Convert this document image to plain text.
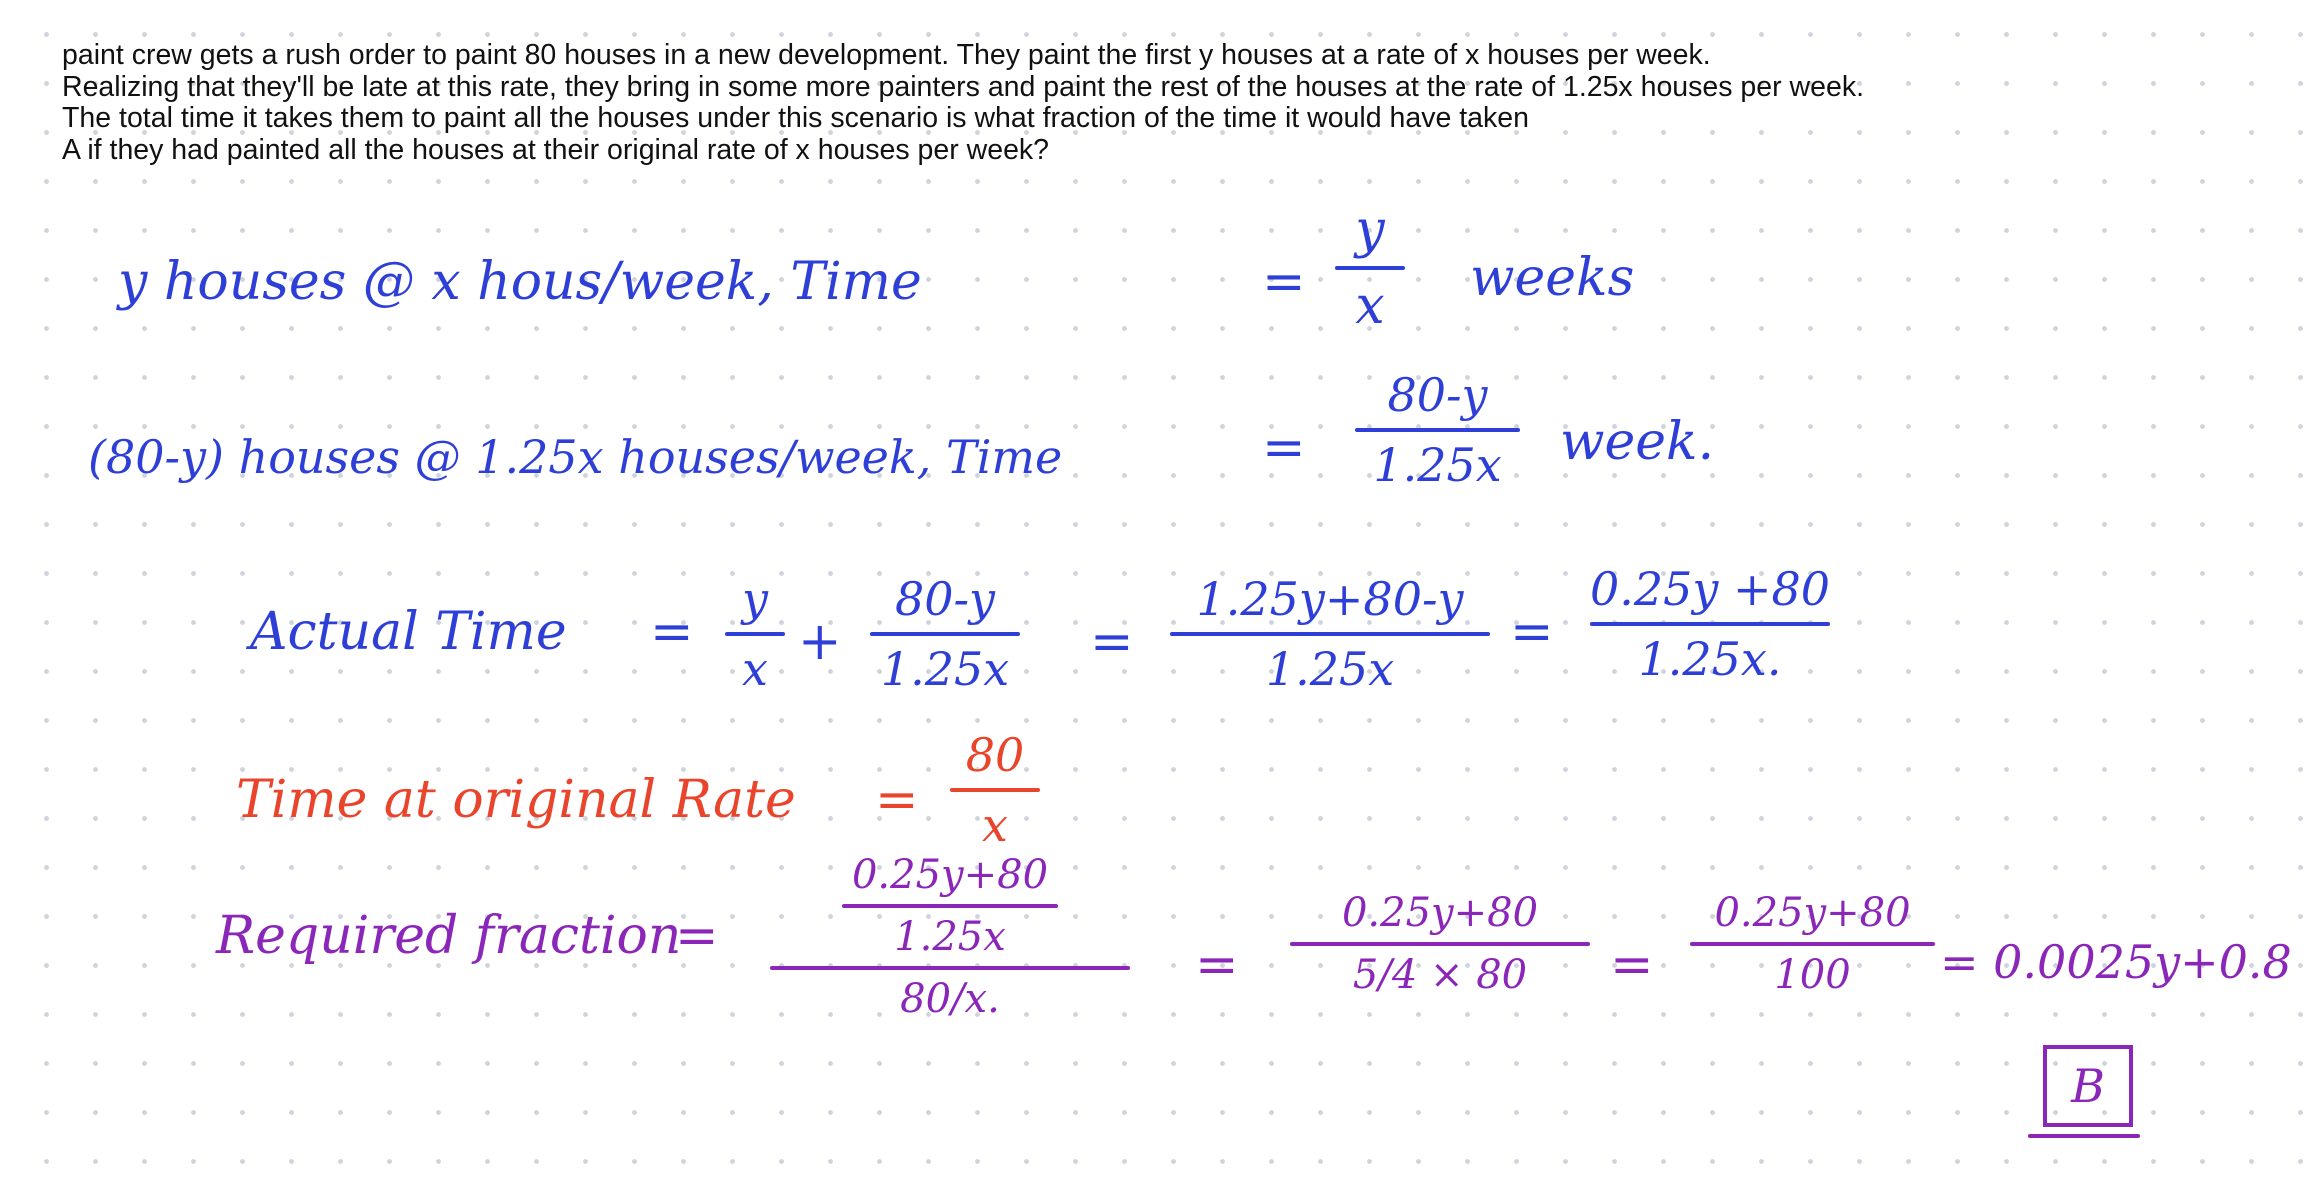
paint crew gets a rush order to paint 80 houses in a new development. They paint the first y houses at a rate of x houses per week.
Realizing that they'll be late at this rate, they bring in some more painters and paint the rest of the houses at the rate of 1.25x houses per week.
The total time it takes them to paint all the houses under this scenario is what fraction of the time it would have taken
A if they had painted all the houses at their original rate of x houses per week?
y houses @ x hous/week, Time	=
y
x weeks
(80-y) houses @ 1.25x houses/week, Time	=
80-y
1.25x week.
Actual Time =
y
x +
80-y
1.25x =
1.25y+80-y
1.25x
=
0.25y +80
1.25x.
Time at original Rate =
80
x
Required fraction
=
0.25y+80
1.25x
80/x.
=
0.25y+80
5/4 × 80 =
0.25y+80
100 = 0.0025y+0.8
B
